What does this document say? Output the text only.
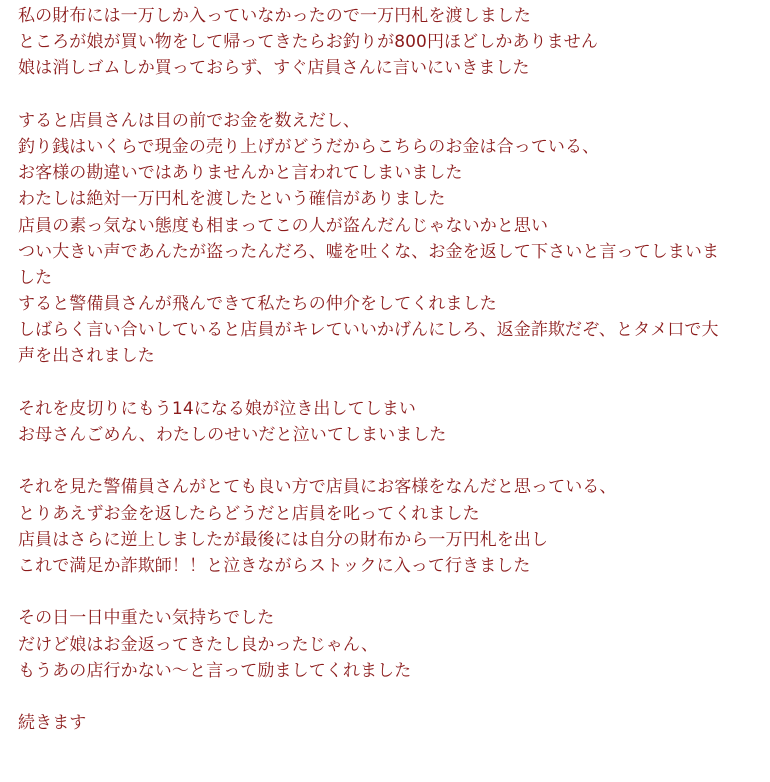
私の財布には一万しか入っていなかったので一万円札を渡しました
ところが娘が買い物をして帰ってきたらお釣りが800円ほどしかありません
娘は消しゴムしか買っておらず、すぐ店員さんに言いにいきました
すると店員さんは目の前でお金を数えだし、
釣り銭はいくらで現金の売り上げがどうだからこちらのお金は合っている、
お客様の勘違いではありませんかと言われてしまいました
わたしは絶対一万円札を渡したという確信がありました
店員の素っ気ない態度も相まってこの人が盗んだんじゃないかと思い
つい大きい声であんたが盗ったんだろ、嘘を吐くな、お金を返して下さいと言ってしまいま
した
すると警備員さんが飛んできて私たちの仲介をしてくれました
しばらく言い合いしていると店員がキレていいかげんにしろ、返金詐欺だぞ、とタメ口で大
声を出されました
それを皮切りにもう14になる娘が泣き出してしまい
お母さんごめん、わたしのせいだと泣いてしまいました
それを見た警備員さんがとても良い方で店員にお客様をなんだと思っている、
とりあえずお金を返したらどうだと店員を叱ってくれました
店員はさらに逆上しましたが最後には自分の財布から一万円札を出し
これで満足か詐欺師！！と泣きながらストックに入って行きました
その日一日中重たい気持ちでした
だけど娘はお金返ってきたし良かったじゃん、
もうあの店行かない～と言って励ましてくれました
続きます
